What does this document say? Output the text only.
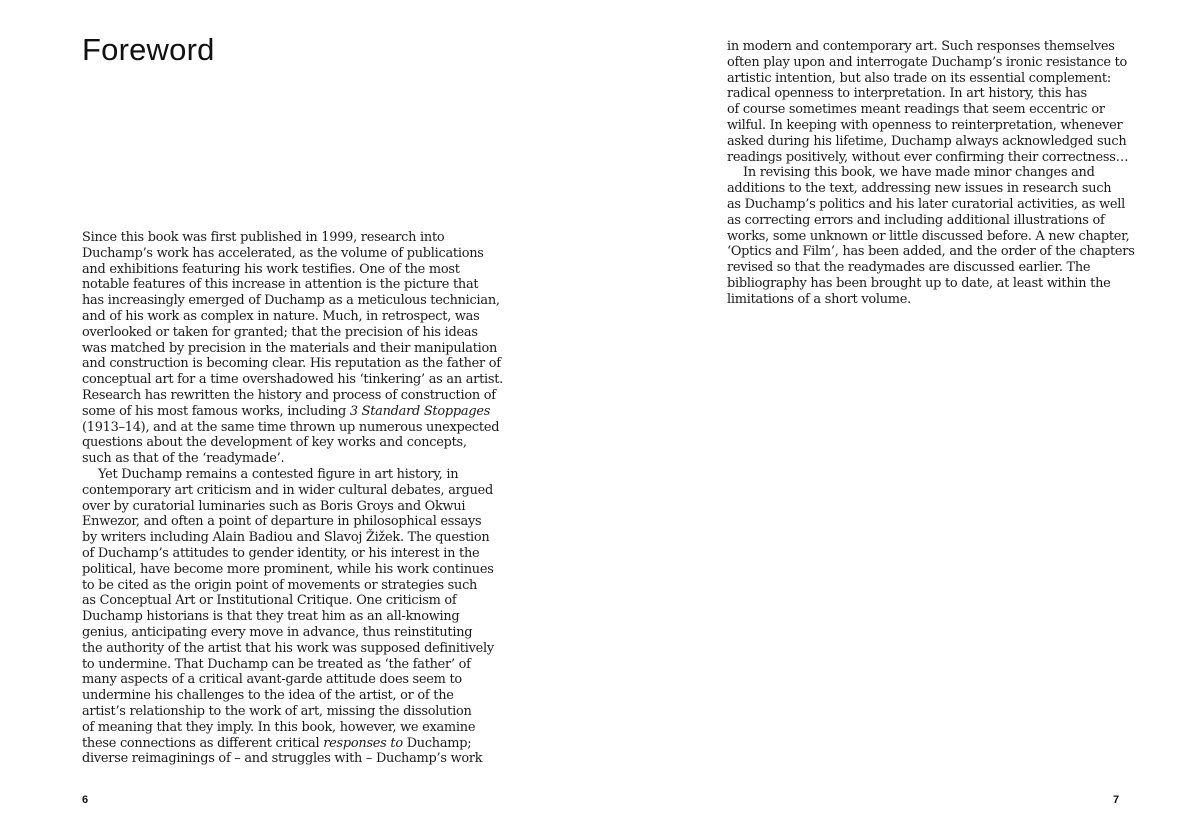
Foreword
Since this book was first published in 1999, research into
Duchamp’s work has accelerated, as the volume of publications
and exhibitions featuring his work testifies. One of the most
notable features of this increase in attention is the picture that
has increasingly emerged of Duchamp as a meticulous technician,
and of his work as complex in nature. Much, in retrospect, was
overlooked or taken for granted; that the precision of his ideas
was matched by precision in the materials and their manipulation
and construction is becoming clear. His reputation as the father of
conceptual art for a time overshadowed his ‘tinkering’ as an artist.
Research has rewritten the history and process of construction of
some of his most famous works, including 3 Standard Stoppages
(1913–14), and at the same time thrown up numerous unexpected
questions about the development of key works and concepts,
such as that of the ‘readymade’.
Yet Duchamp remains a contested figure in art history, in
contemporary art criticism and in wider cultural debates, argued
over by curatorial luminaries such as Boris Groys and Okwui
Enwezor, and often a point of departure in philosophical essays
by writers including Alain Badiou and Slavoj Žižek. The question
of Duchamp’s attitudes to gender identity, or his interest in the
political, have become more prominent, while his work continues
to be cited as the origin point of movements or strategies such
as Conceptual Art or Institutional Critique. One criticism of
Duchamp historians is that they treat him as an all-knowing
genius, anticipating every move in advance, thus reinstituting
the authority of the artist that his work was supposed definitively
to undermine. That Duchamp can be treated as ‘the father’ of
many aspects of a critical avant-garde attitude does seem to
undermine his challenges to the idea of the artist, or of the
artist’s relationship to the work of art, missing the dissolution
of meaning that they imply. In this book, however, we examine
these connections as different critical responses to Duchamp;
diverse reimaginings of – and struggles with – Duchamp’s work

6

in modern and contemporary art. Such responses themselves
often play upon and interrogate Duchamp’s ironic resistance to
artistic intention, but also trade on its essential complement:
radical openness to interpretation. In art history, this has
of course sometimes meant readings that seem eccentric or
wilful. In keeping with openness to reinterpretation, whenever
asked during his lifetime, Duchamp always acknowledged such
readings positively, without ever confirming their correctness…
In revising this book, we have made minor changes and
additions to the text, addressing new issues in research such
as Duchamp’s politics and his later curatorial activities, as well
as correcting errors and including additional illustrations of
works, some unknown or little discussed before. A new chapter,
‘Optics and Film’, has been added, and the order of the chapters
revised so that the readymades are discussed earlier. The
bibliography has been brought up to date, at least within the
limitations of a short volume.

7
